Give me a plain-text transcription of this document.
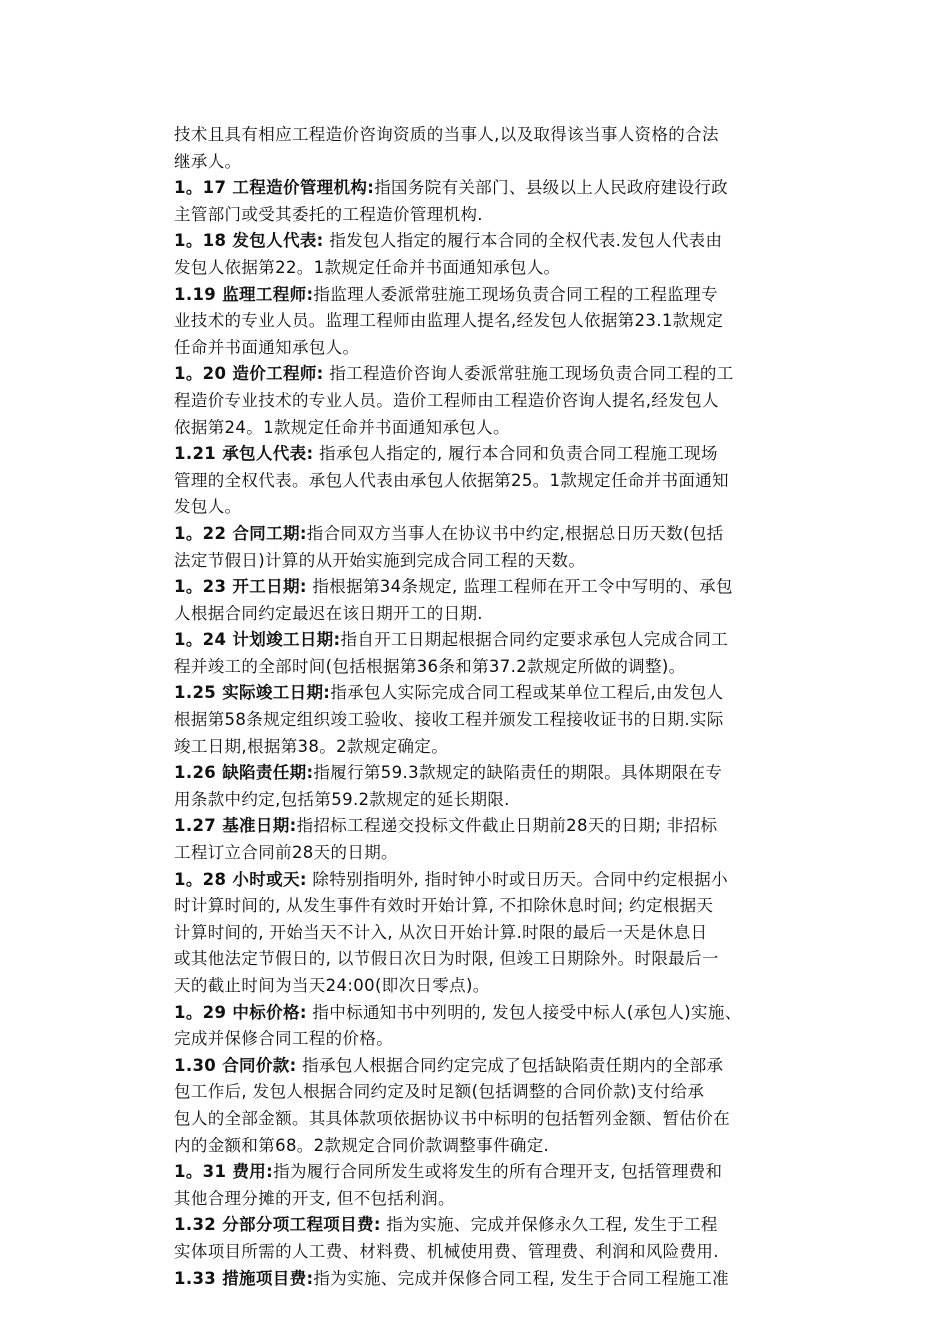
技术且具有相应工程造价咨询资质的当事人,以及取得该当事人资格的合法
继承人。

1。17 工程造价管理机构:指国务院有关部门、县级以上人民政府建设行政
主管部门或受其委托的工程造价管理机构.

1。18 发包人代表: 指发包人指定的履行本合同的全权代表.发包人代表由
发包人依据第22。1款规定任命并书面通知承包人。

1.19 监理工程师:指监理人委派常驻施工现场负责合同工程的工程监理专
业技术的专业人员。监理工程师由监理人提名,经发包人依据第23.1款规定
任命并书面通知承包人。

1。20 造价工程师: 指工程造价咨询人委派常驻施工现场负责合同工程的工
程造价专业技术的专业人员。造价工程师由工程造价咨询人提名,经发包人
依据第24。1款规定任命并书面通知承包人。

1.21 承包人代表: 指承包人指定的, 履行本合同和负责合同工程施工现场
管理的全权代表。承包人代表由承包人依据第25。1款规定任命并书面通知
发包人。

1。22 合同工期:指合同双方当事人在协议书中约定,根据总日历天数(包括
法定节假日)计算的从开始实施到完成合同工程的天数。

1。23 开工日期: 指根据第34条规定, 监理工程师在开工令中写明的、承包
人根据合同约定最迟在该日期开工的日期.

1。24 计划竣工日期:指自开工日期起根据合同约定要求承包人完成合同工
程并竣工的全部时间(包括根据第36条和第37.2款规定所做的调整)。

1.25 实际竣工日期:指承包人实际完成合同工程或某单位工程后,由发包人
根据第58条规定组织竣工验收、接收工程并颁发工程接收证书的日期.实际
竣工日期,根据第38。2款规定确定。

1.26 缺陷责任期:指履行第59.3款规定的缺陷责任的期限。具体期限在专
用条款中约定,包括第59.2款规定的延长期限.

1.27 基准日期:指招标工程递交投标文件截止日期前28天的日期; 非招标
工程订立合同前28天的日期。

1。28 小时或天: 除特别指明外, 指时钟小时或日历天。合同中约定根据小
时计算时间的, 从发生事件有效时开始计算, 不扣除休息时间; 约定根据天
计算时间的, 开始当天不计入, 从次日开始计算.时限的最后一天是休息日
或其他法定节假日的, 以节假日次日为时限, 但竣工日期除外。时限最后一
天的截止时间为当天24:00(即次日零点)。

1。29 中标价格: 指中标通知书中列明的, 发包人接受中标人(承包人)实施、
完成并保修合同工程的价格。

1.30 合同价款: 指承包人根据合同约定完成了包括缺陷责任期内的全部承
包工作后, 发包人根据合同约定及时足额(包括调整的合同价款)支付给承
包人的全部金额。其具体款项依据协议书中标明的包括暂列金额、暂估价在
内的金额和第68。2款规定合同价款调整事件确定.

1。31 费用:指为履行合同所发生或将发生的所有合理开支, 包括管理费和
其他合理分摊的开支, 但不包括利润。

1.32 分部分项工程项目费: 指为实施、完成并保修永久工程, 发生于工程
实体项目所需的人工费、材料费、机械使用费、管理费、利润和风险费用.

1.33 措施项目费:指为实施、完成并保修合同工程, 发生于合同工程施工准
